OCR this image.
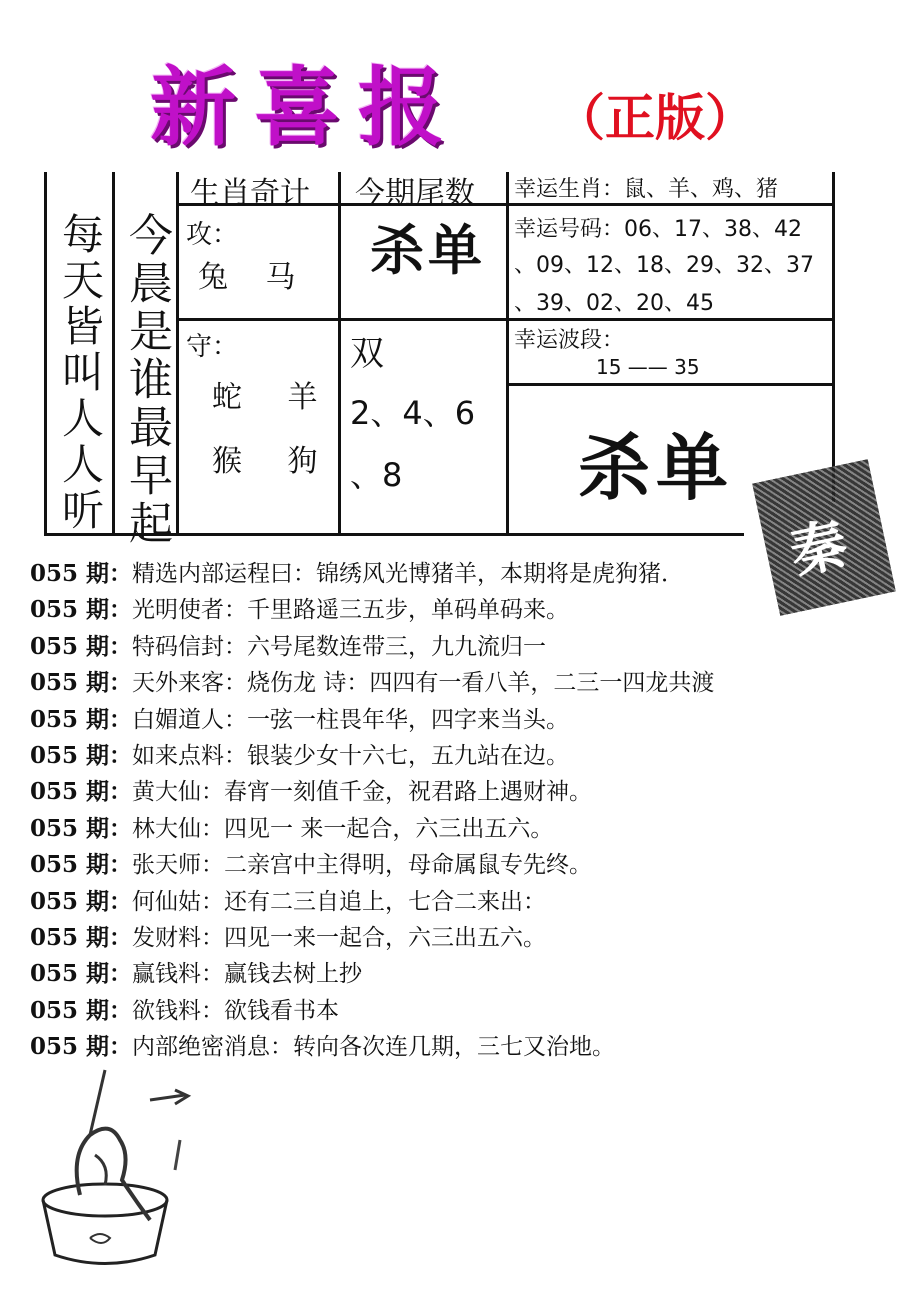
新喜报 （正版）
每天皆叫人人听 今晨是谁最早起
生肖奇计 今期尾数
攻：
兔 马
守：
蛇 羊
猴 狗
杀单
双
2、4、6
、8
幸运生肖：鼠、羊、鸡、猪
幸运号码：06、17、38、42
、09、12、18、29、32、37
、39、02、20、45
幸运波段：
15 —— 35
杀单
秦
055 期：精选内部运程曰：锦绣风光博猪羊，本期将是虎狗猪．
055 期：光明使者：千里路遥三五步，单码单码来。
055 期：特码信封：六号尾数连带三，九九流归一
055 期：天外来客：烧伤龙 诗：四四有一看八羊，二三一四龙共渡
055 期：白媚道人：一弦一柱畏年华，四字来当头。
055 期：如来点料：银装少女十六七，五九站在边。
055 期：黄大仙：春宵一刻值千金，祝君路上遇财神。
055 期：林大仙：四见一 来一起合，六三出五六。
055 期：张天师：二亲宫中主得明，母命属鼠专先终。
055 期：何仙姑：还有二三自追上，七合二来出：
055 期：发财料：四见一来一起合，六三出五六。
055 期：赢钱料：赢钱去树上抄
055 期：欲钱料：欲钱看书本
055 期：内部绝密消息：转向各次连几期，三七又治地。
